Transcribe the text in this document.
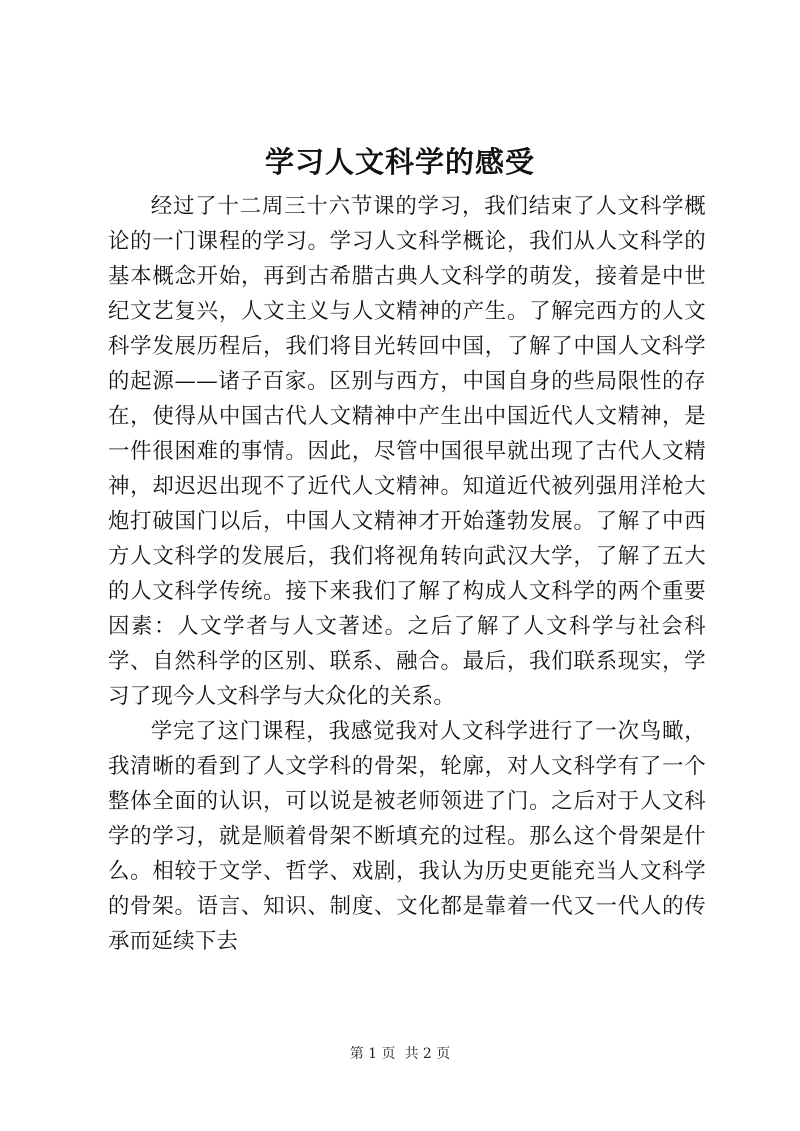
学习人文科学的感受

经过了十二周三十六节课的学习，我们结束了人文科学概论的一门课程的学习。学习人文科学概论，我们从人文科学的基本概念开始，再到古希腊古典人文科学的萌发，接着是中世纪文艺复兴，人文主义与人文精神的产生。了解完西方的人文科学发展历程后，我们将目光转回中国，了解了中国人文科学的起源——诸子百家。区别与西方，中国自身的些局限性的存在，使得从中国古代人文精神中产生出中国近代人文精神，是一件很困难的事情。因此，尽管中国很早就出现了古代人文精神，却迟迟出现不了近代人文精神。知道近代被列强用洋枪大炮打破国门以后，中国人文精神才开始蓬勃发展。了解了中西方人文科学的发展后，我们将视角转向武汉大学，了解了五大的人文科学传统。接下来我们了解了构成人文科学的两个重要因素：人文学者与人文著述。之后了解了人文科学与社会科学、自然科学的区别、联系、融合。最后，我们联系现实，学习了现今人文科学与大众化的关系。

学完了这门课程，我感觉我对人文科学进行了一次鸟瞰，我清晰的看到了人文学科的骨架，轮廓，对人文科学有了一个整体全面的认识，可以说是被老师领进了门。之后对于人文科学的学习，就是顺着骨架不断填充的过程。那么这个骨架是什么。相较于文学、哲学、戏剧，我认为历史更能充当人文科学的骨架。语言、知识、制度、文化都是靠着一代又一代人的传承而延续下去

第 1 页  共 2 页
